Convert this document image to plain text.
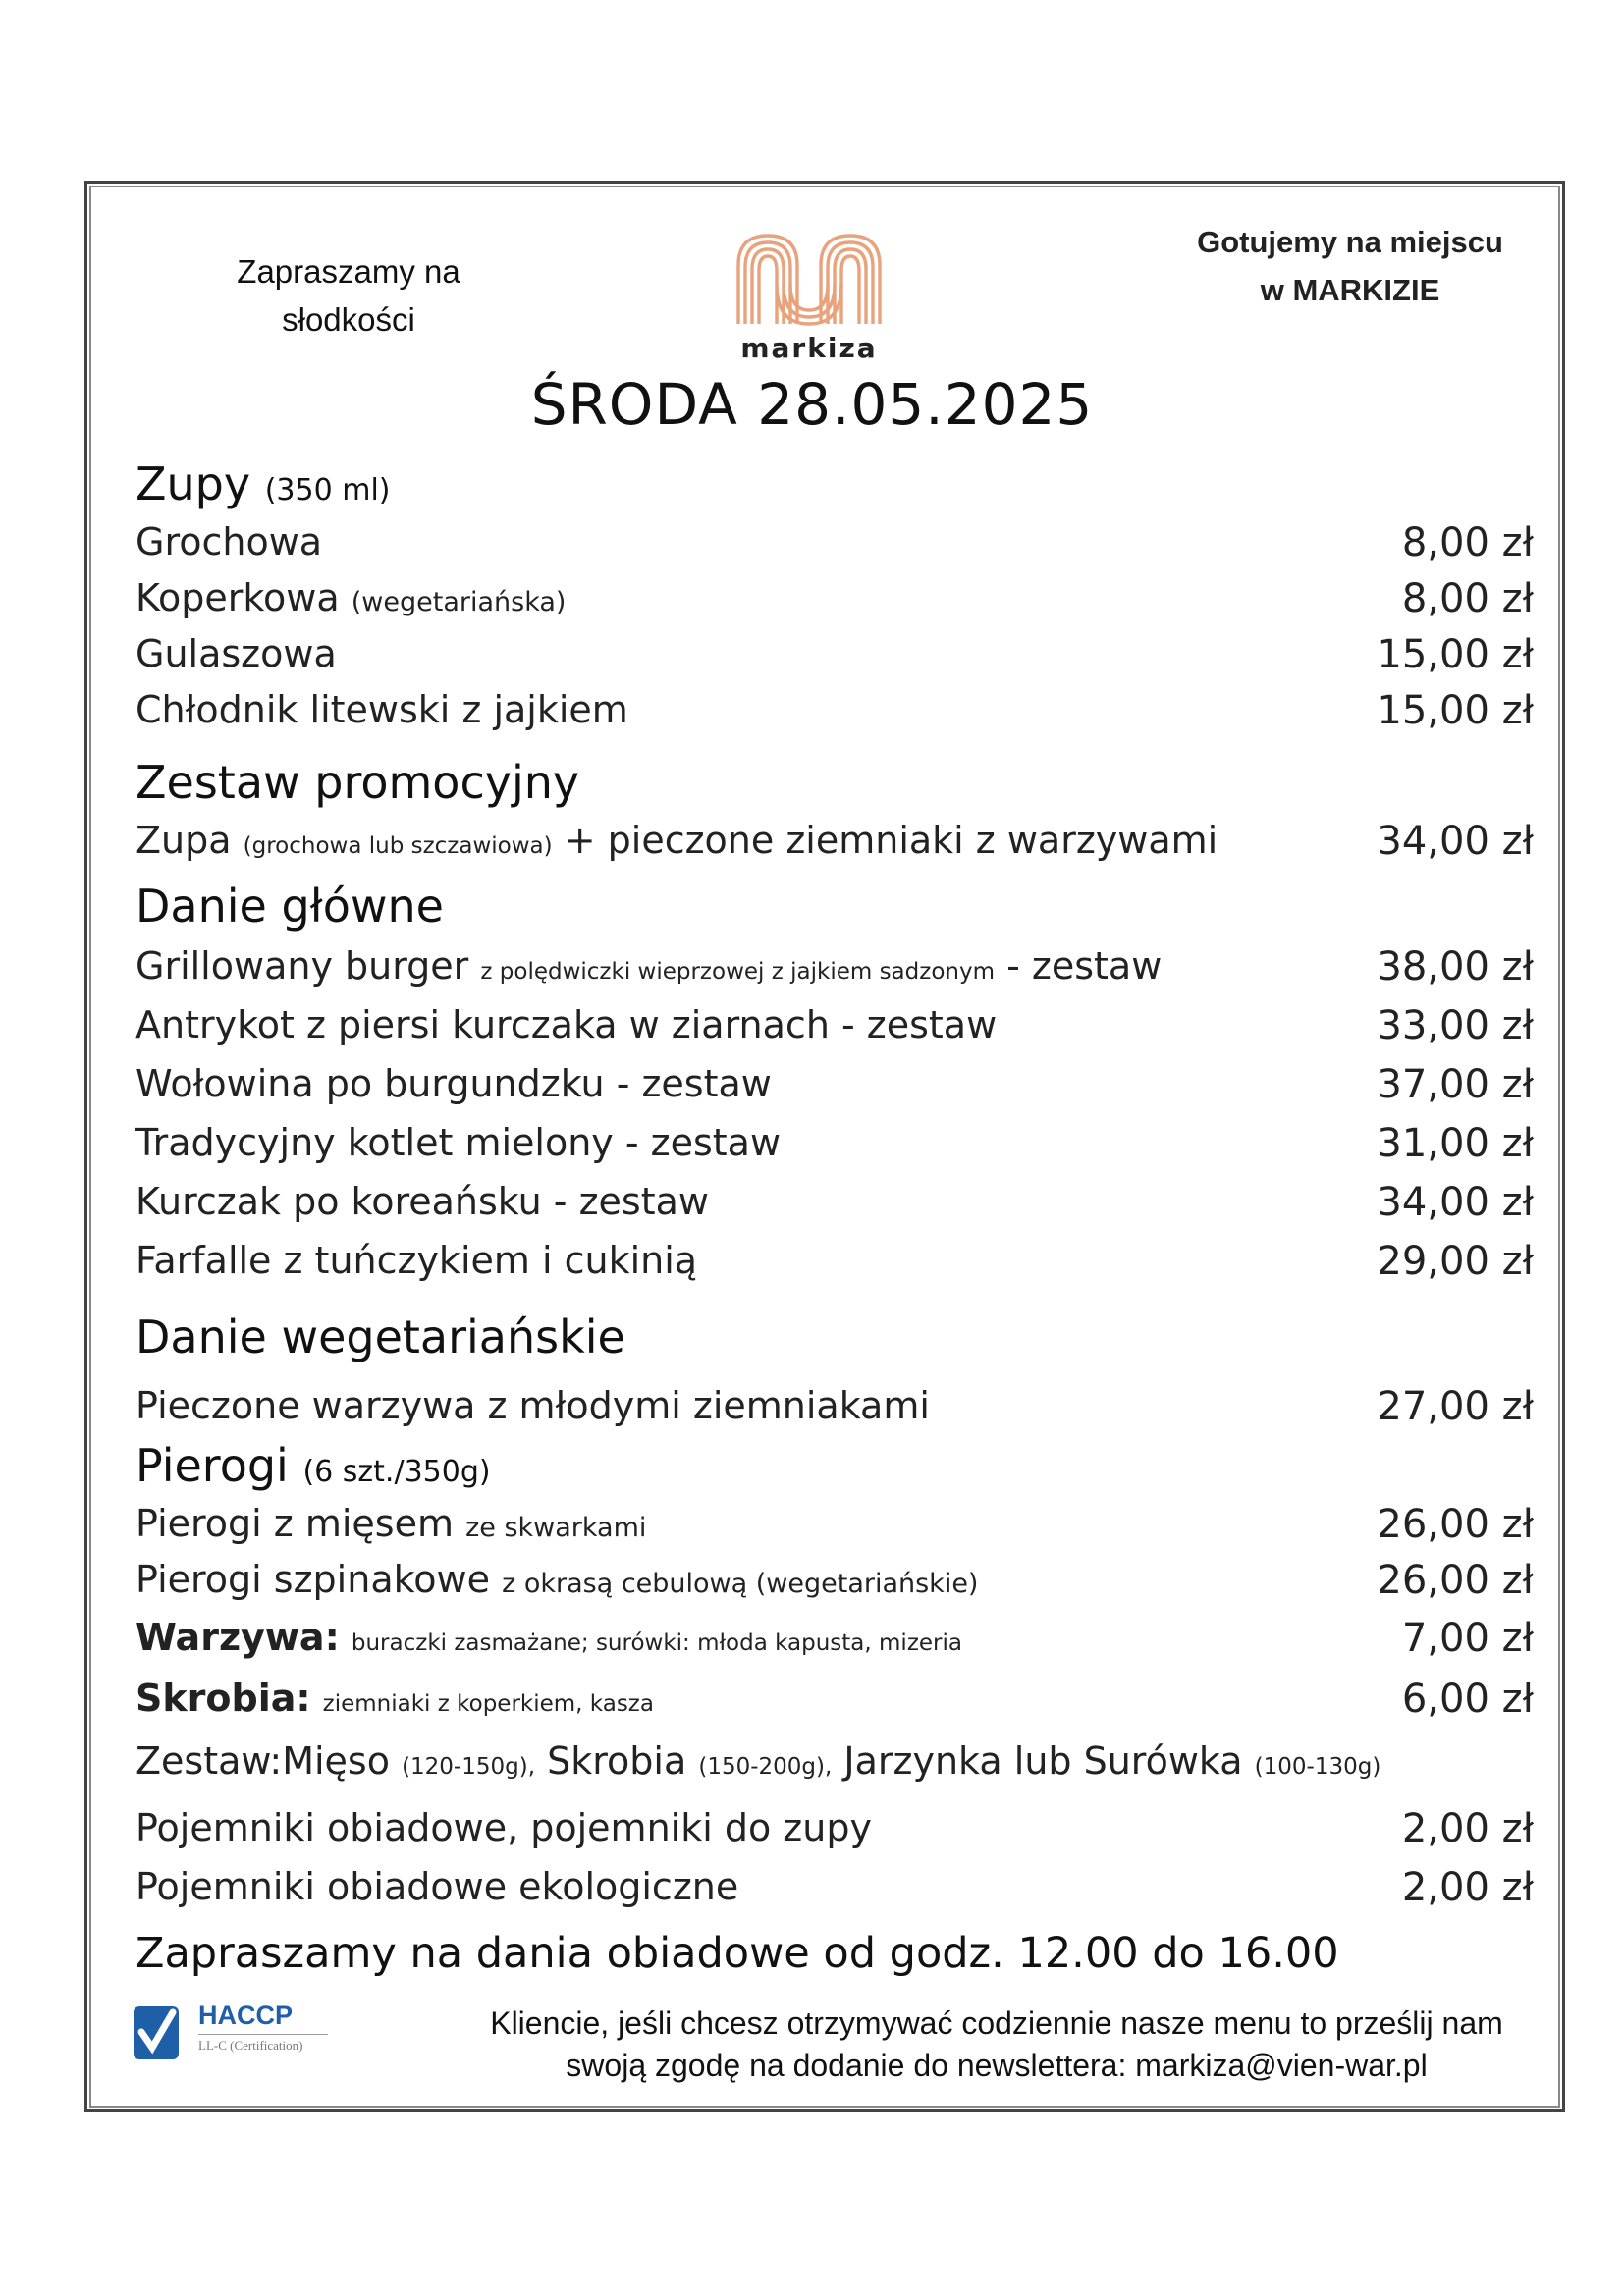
Zapraszamy na
słodkości
markiza
Gotujemy na miejscu
w MARKIZIE
ŚRODA 28.05.2025
Zupy (350 ml)
Grochowa	8,00 zł
Koperkowa (wegetariańska)	8,00 zł
Gulaszowa	15,00 zł
Chłodnik litewski z jajkiem	15,00 zł
Zestaw promocyjny
Zupa (grochowa lub szczawiowa) + pieczone ziemniaki z warzywami	34,00 zł
Danie główne
Grillowany burger z polędwiczki wieprzowej z jajkiem sadzonym - zestaw	38,00 zł
Antrykot z piersi kurczaka w ziarnach - zestaw	33,00 zł
Wołowina po burgundzku - zestaw	37,00 zł
Tradycyjny kotlet mielony - zestaw	31,00 zł
Kurczak po koreańsku - zestaw	34,00 zł
Farfalle z tuńczykiem i cukinią	29,00 zł
Danie wegetariańskie
Pieczone warzywa z młodymi ziemniakami	27,00 zł
Pierogi (6 szt./350g)
Pierogi z mięsem ze skwarkami	26,00 zł
Pierogi szpinakowe z okrasą cebulową (wegetariańskie)	26,00 zł
Warzywa: buraczki zasmażane; surówki: młoda kapusta, mizeria	7,00 zł
Skrobia: ziemniaki z koperkiem, kasza	6,00 zł
Zestaw:Mięso (120-150g), Skrobia (150-200g), Jarzynka lub Surówka (100-130g)
Pojemniki obiadowe, pojemniki do zupy	2,00 zł
Pojemniki obiadowe ekologiczne	2,00 zł
Zapraszamy na dania obiadowe od godz. 12.00 do 16.00
HACCP
LL-C (Certification)
Kliencie, jeśli chcesz otrzymywać codziennie nasze menu to prześlij nam
swoją zgodę na dodanie do newslettera: markiza@vien-war.pl
